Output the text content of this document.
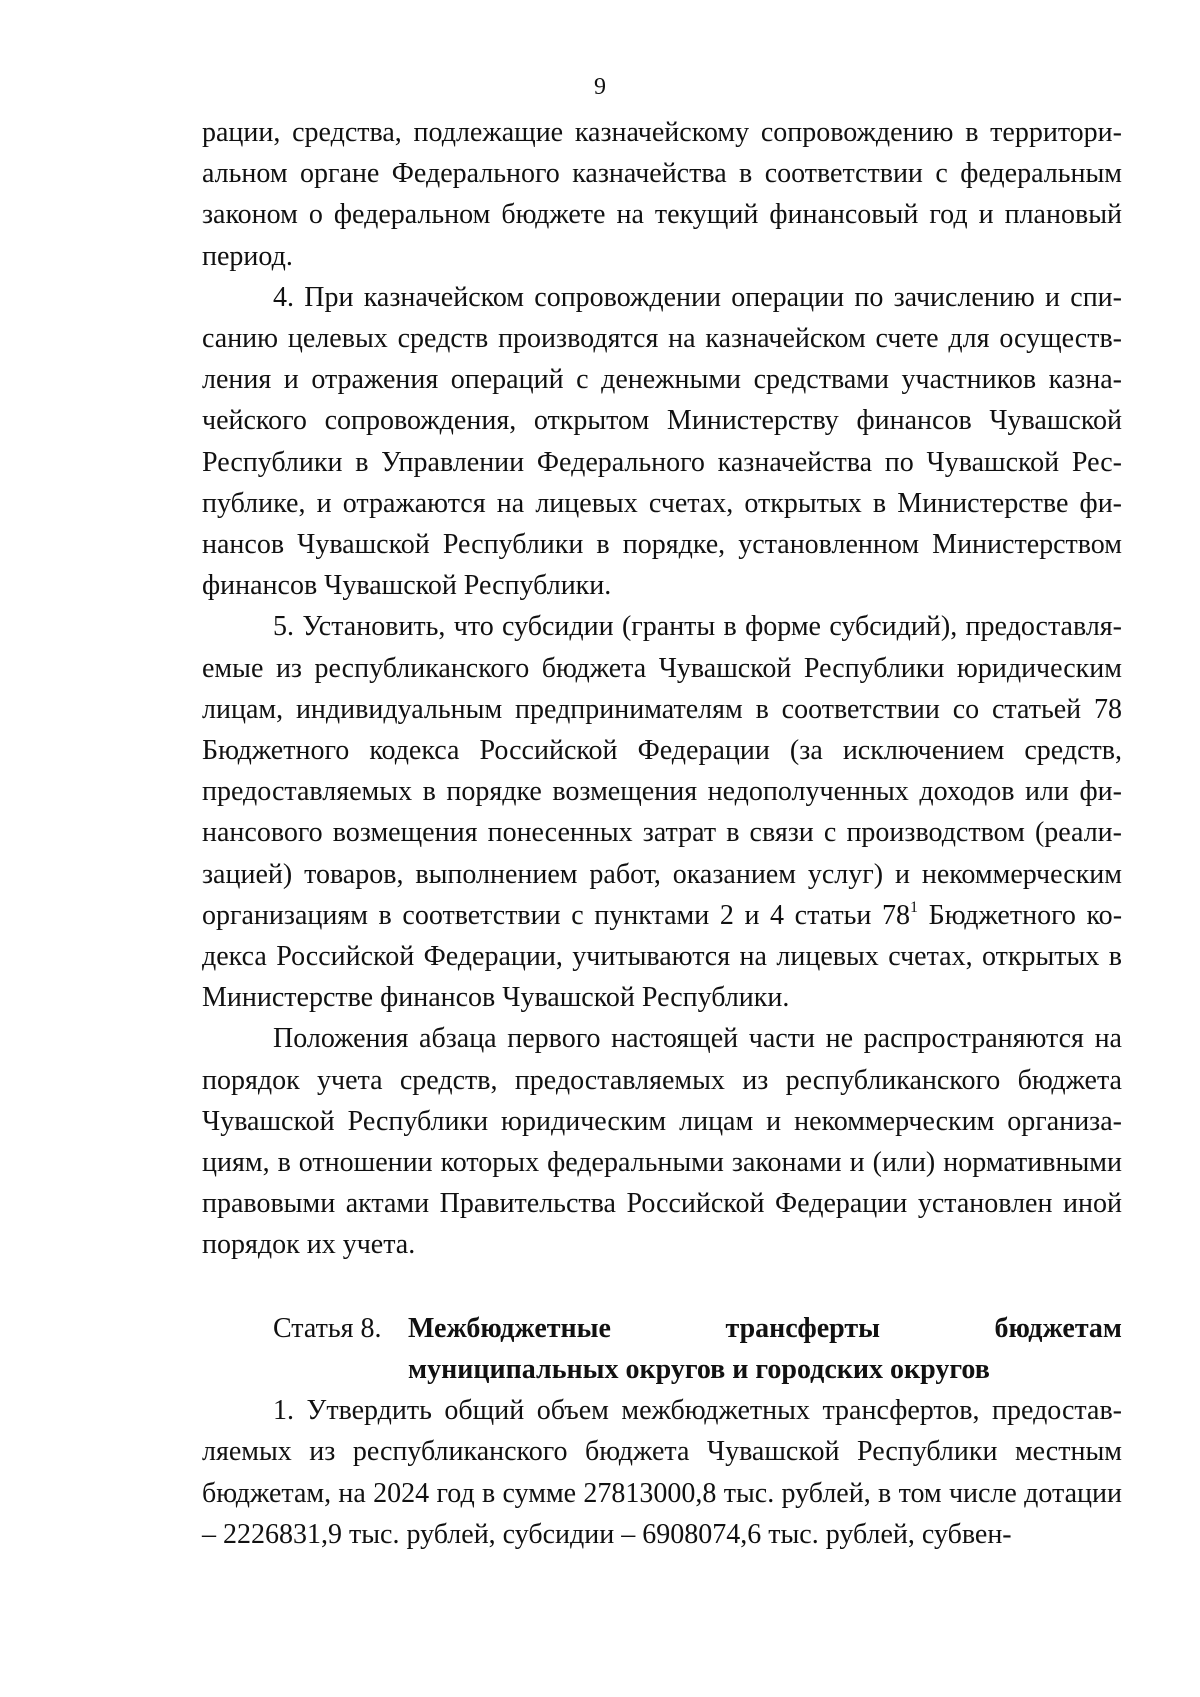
9

рации, средства, подлежащие казначейскому сопровождению в территориальном органе Федерального казначейства в соответствии с федеральным законом о федеральном бюджете на текущий финансовый год и плановый период.

4. При казначейском сопровождении операции по зачислению и списанию целевых средств производятся на казначейском счете для осуществления и отражения операций с денежными средствами участников казначейского сопровождения, открытом Министерству финансов Чувашской Республики в Управлении Федерального казначейства по Чувашской Республике, и отражаются на лицевых счетах, открытых в Министерстве финансов Чувашской Республики в порядке, установленном Министерством финансов Чувашской Республики.

5. Установить, что субсидии (гранты в форме субсидий), предоставляемые из республиканского бюджета Чувашской Республики юридическим лицам, индивидуальным предпринимателям в соответствии со статьей 78 Бюджетного кодекса Российской Федерации (за исключением средств, предоставляемых в порядке возмещения недополученных доходов или финансового возмещения понесенных затрат в связи с производством (реализацией) товаров, выполнением работ, оказанием услуг) и некоммерческим организациям в соответствии с пунктами 2 и 4 статьи $78^1$ Бюджетного кодекса Российской Федерации, учитываются на лицевых счетах, открытых в Министерстве финансов Чувашской Республики.

Положения абзаца первого настоящей части не распространяются на порядок учета средств, предоставляемых из республиканского бюджета Чувашской Республики юридическим лицам и некоммерческим организациям, в отношении которых федеральными законами и (или) нормативными правовыми актами Правительства Российской Федерации установлен иной порядок их учета.

Статья 8. Межбюджетные трансферты бюджетам муниципальных округов и городских округов

1. Утвердить общий объем межбюджетных трансфертов, предоставляемых из республиканского бюджета Чувашской Республики местным бюджетам, на 2024 год в сумме 27813000,8 тыс. рублей, в том числе дотации – 2226831,9 тыс. рублей, субсидии – 6908074,6 тыс. рублей, субвен-
